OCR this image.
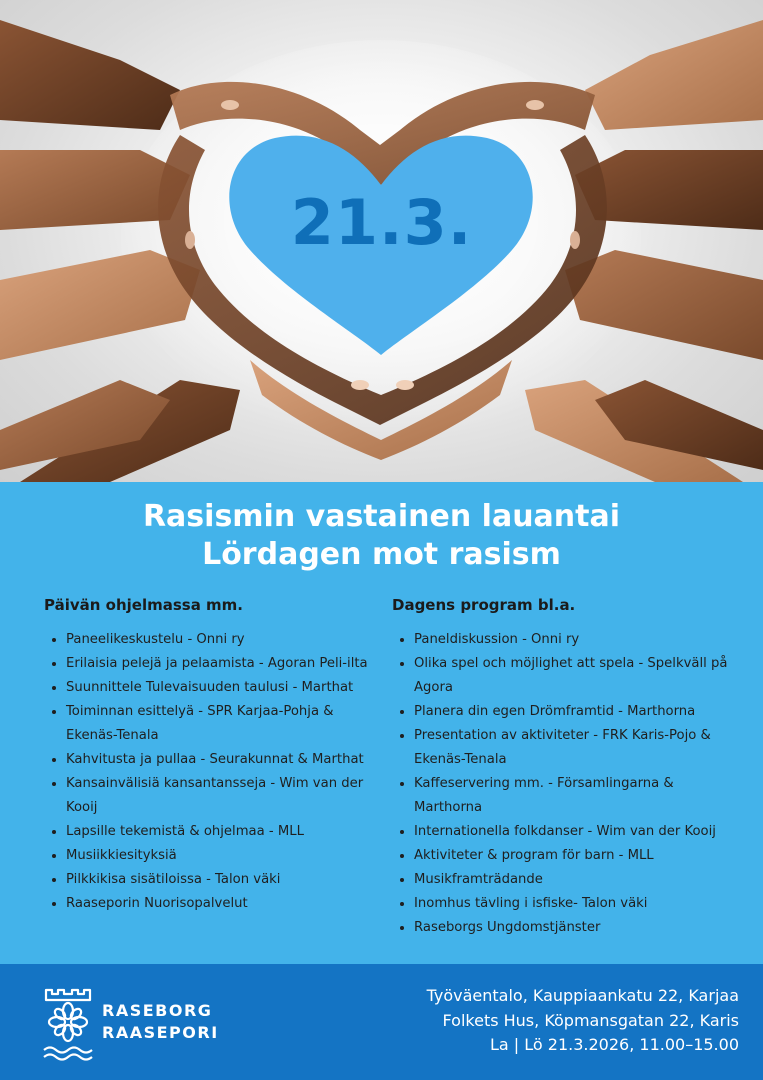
21.3.
Rasismin vastainen lauantai
Lördagen mot rasism
Päivän ohjelmassa mm.
• Paneelikeskustelu - Onni ry
• Erilaisia pelejä ja pelaamista - Agoran Peli-ilta
• Suunnittele Tulevaisuuden taulusi - Marthat
• Toiminnan esittelyä - SPR Karjaa-Pohja & Ekenäs-Tenala
• Kahvitusta ja pullaa - Seurakunnat & Marthat
• Kansainvälisiä kansantansseja - Wim van der Kooij
• Lapsille tekemistä & ohjelmaa - MLL
• Musiikkiesityksiä
• Pilkkikisa sisätiloissa - Talon väki
• Raaseporin Nuorisopalvelut
Dagens program bl.a.
• Paneldiskussion - Onni ry
• Olika spel och möjlighet att spela - Spelkväll på Agora
• Planera din egen Drömframtid - Marthorna
• Presentation av aktiviteter - FRK Karis-Pojo & Ekenäs-Tenala
• Kaffeservering mm. - Församlingarna & Marthorna
• Internationella folkdanser - Wim van der Kooij
• Aktiviteter & program för barn - MLL
• Musikframträdande
• Inomhus tävling i isfiske- Talon väki
• Raseborgs Ungdomstjänster
RASEBORG
RAASEPORI
Työväentalo, Kauppiaankatu 22, Karjaa
Folkets Hus, Köpmansgatan 22, Karis
La | Lö 21.3.2026, 11.00–15.00
